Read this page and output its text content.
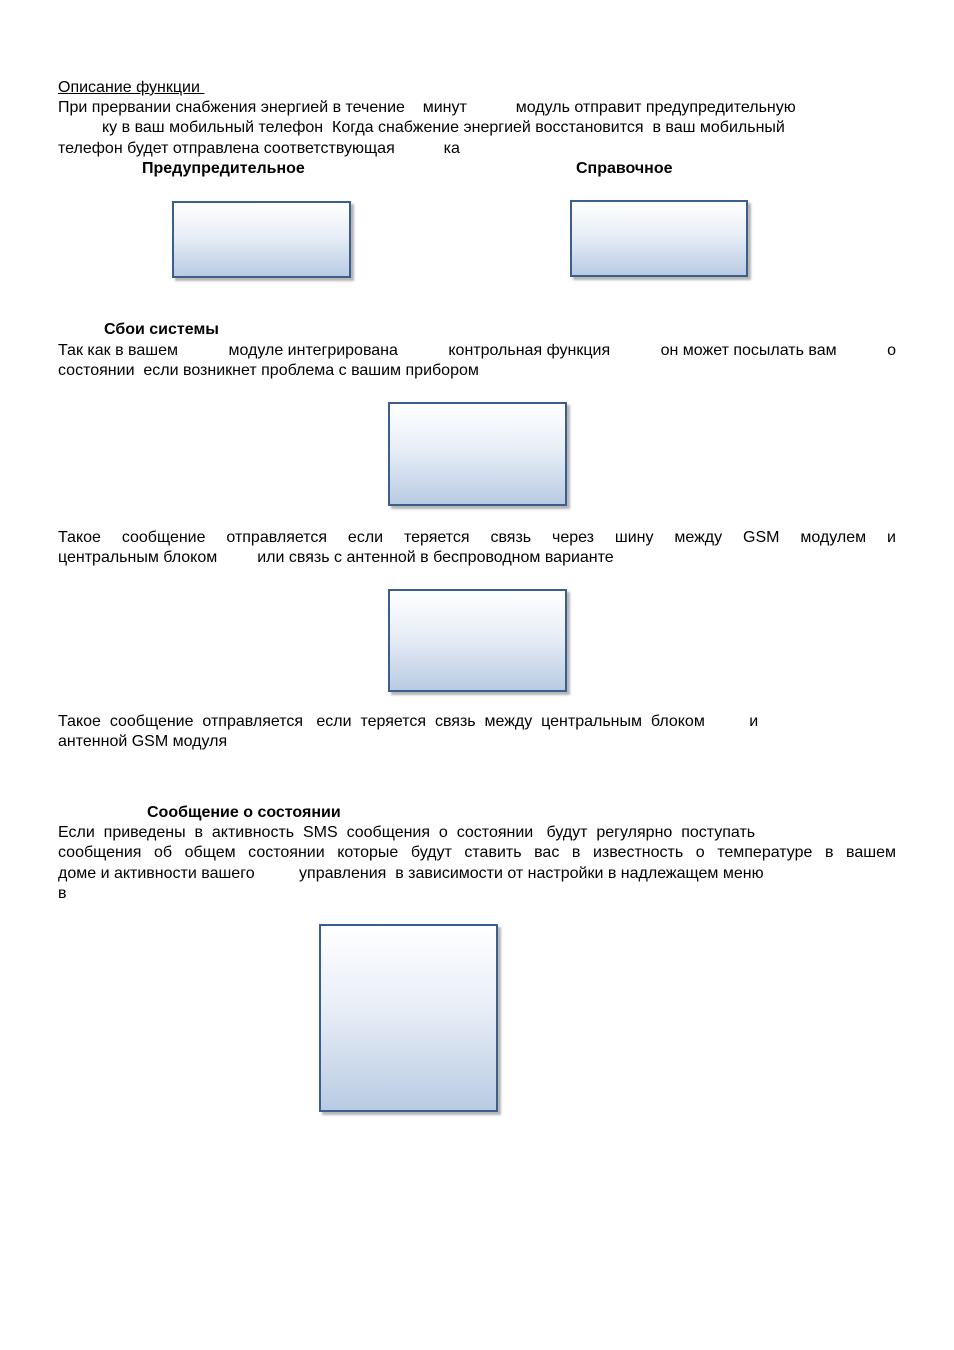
Описание функции
При прервании снабжения энергией в течение    минут           модуль отправит предупредительную
ку в ваш мобильный телефон  Когда снабжение энергией восстановится  в ваш мобильный
телефон будет отправлена соответствующая           ка
Предупредительное	Справочное
Сбои системы
Так как в вашем	модуле интегрирована	контрольная функция	он может посылать вам	о
состоянии  если возникнет проблема с вашим прибором
Такое сообщение отправляется если теряется связь через шину между GSM модулем и
центральным блоком         или связь с антенной в беспроводном варианте
Такое  сообщение  отправляется   если  теряется  связь  между  центральным  блоком          и
антенной GSM модуля
Сообщение о состоянии
Если  приведены  в  активность  SMS  сообщения  о  состоянии   будут  регулярно  поступать
сообщения об общем состоянии которые будут ставить вас в известность о температуре в вашем
доме и активности вашего          управления  в зависимости от настройки в надлежащем меню
в
